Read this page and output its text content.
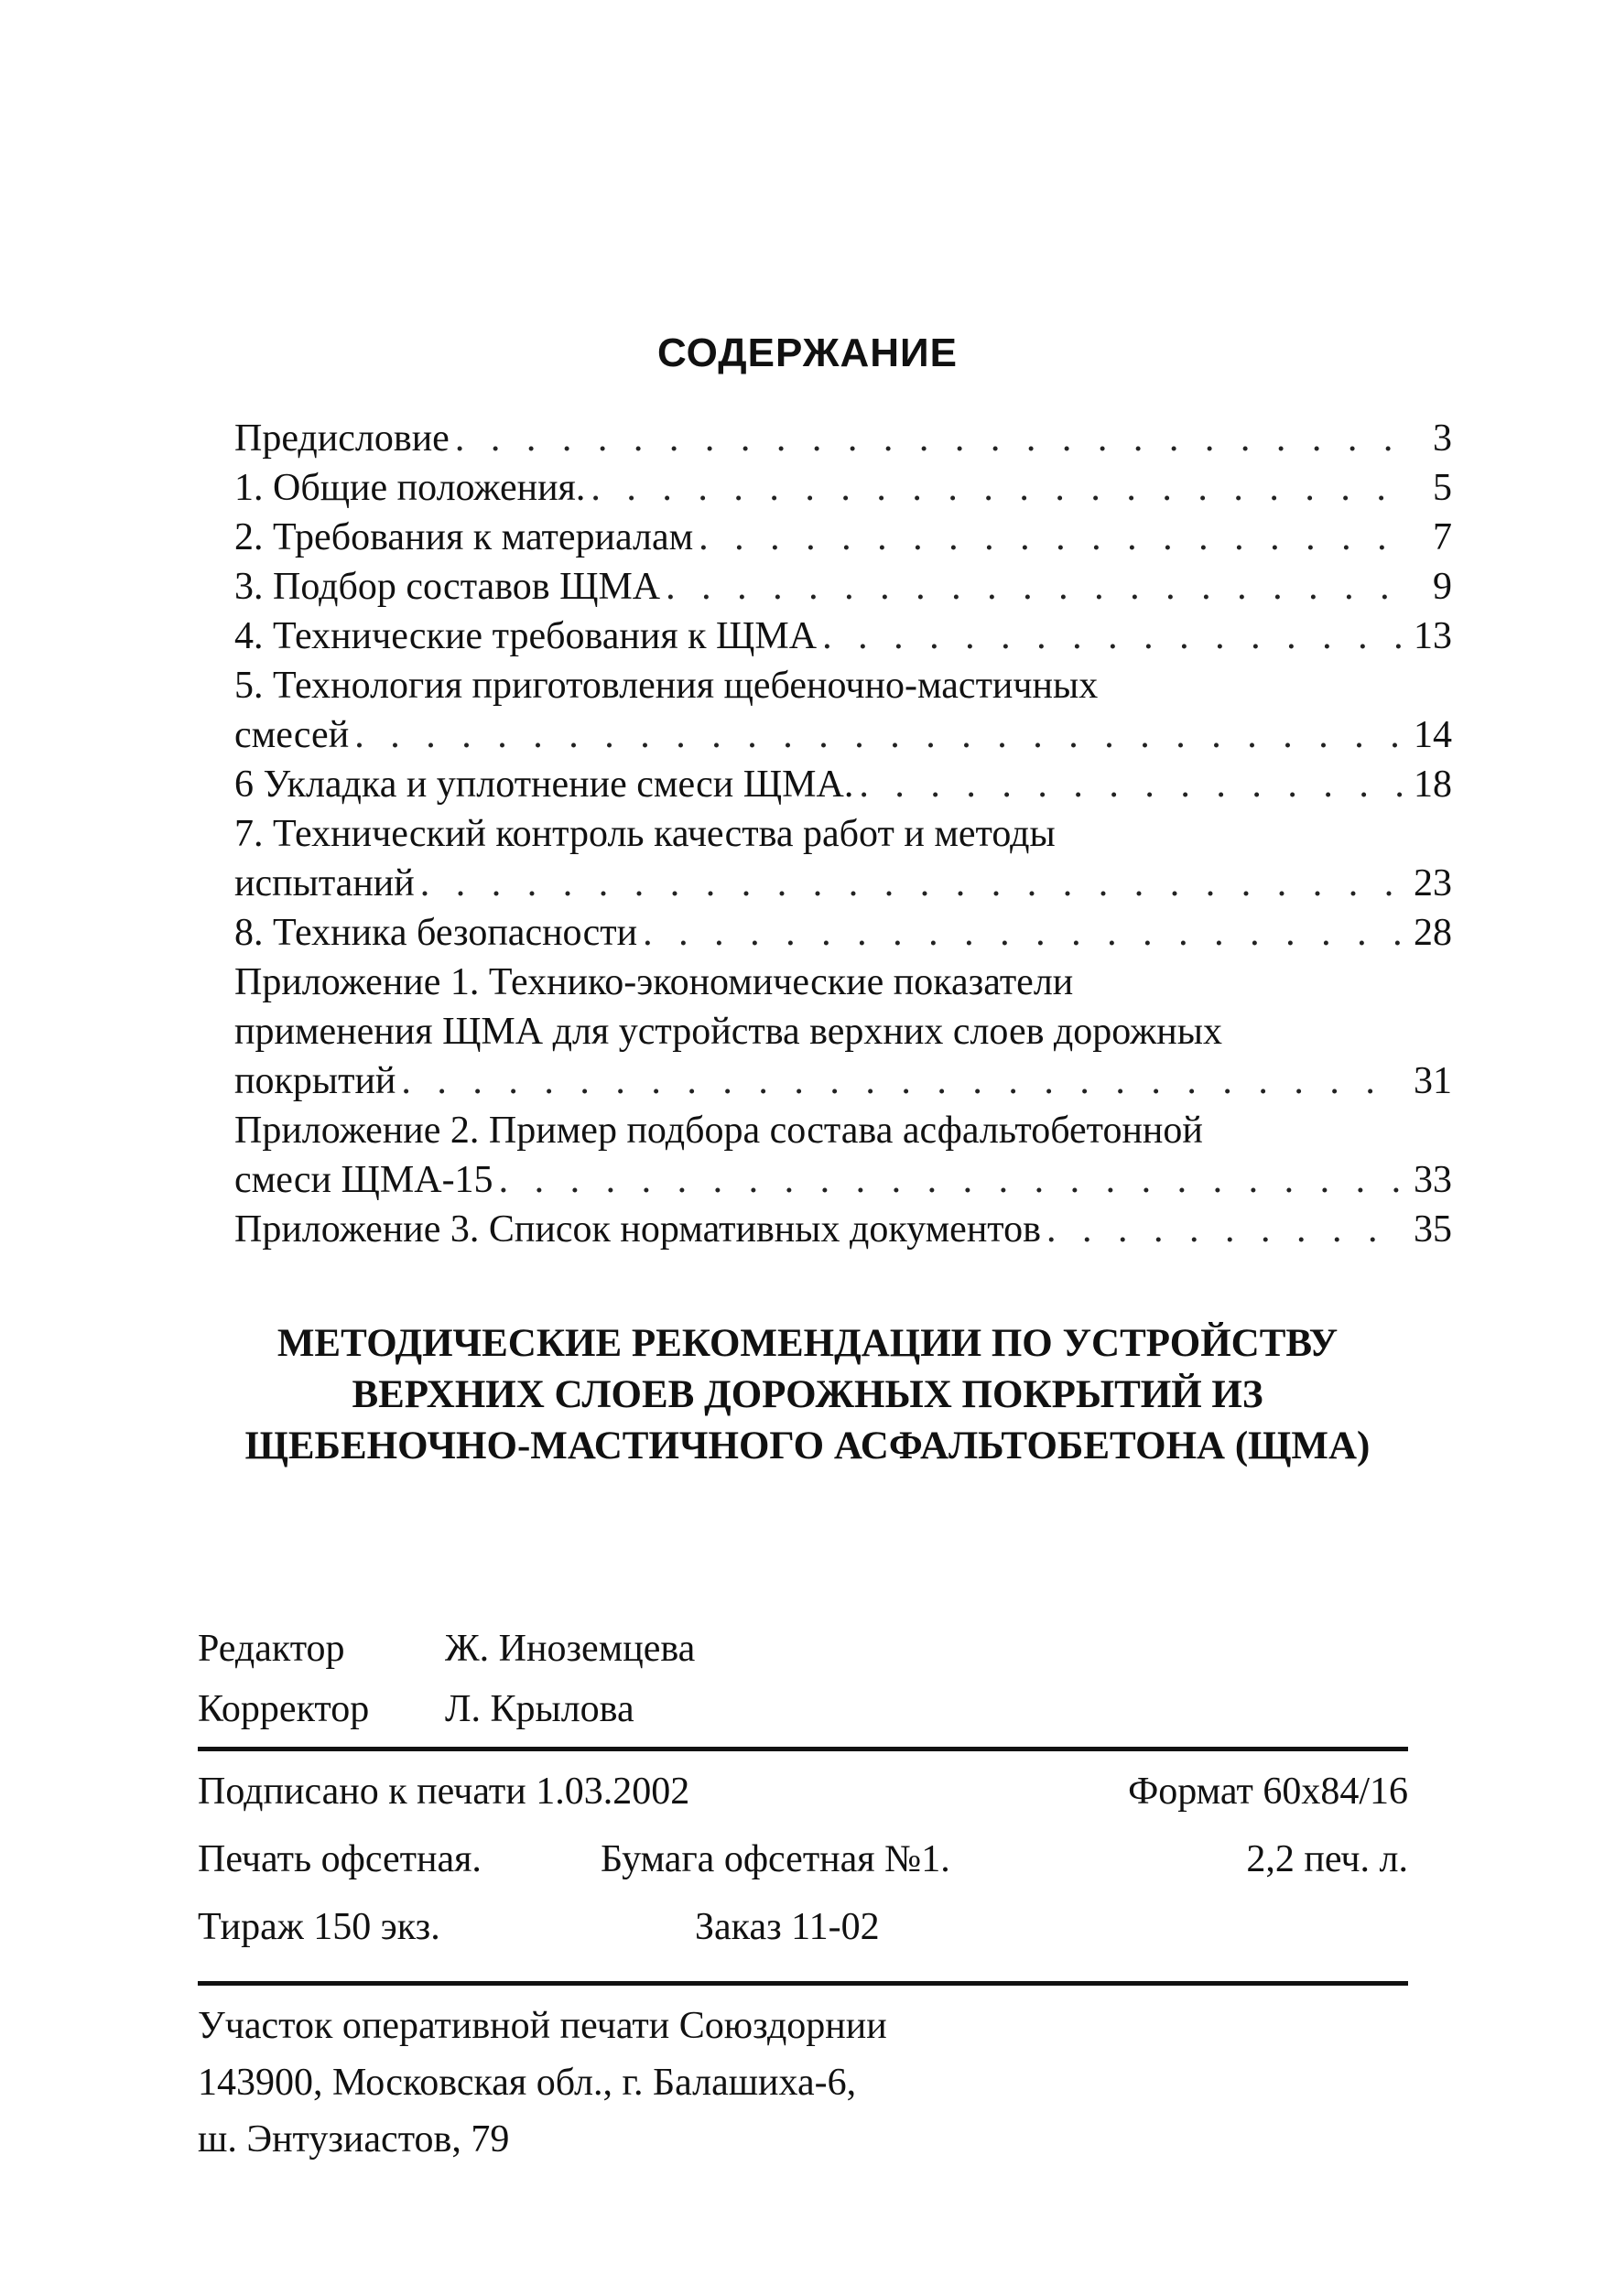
СОДЕРЖАНИЕ
Предисловие . . .	3
1. Общие положения. . . .	5
2. Требования к материалам . . .	7
3. Подбор составов ЩМА . . .	9
4. Технические требования к ЩМА . . .	13
5. Технология приготовления щебеночно-мастичных
смесей . . .	14
6 Укладка и уплотнение смеси ЩМА. . . .	18
7. Технический контроль качества работ и методы
испытаний . . .	23
8. Техника безопасности . . .	28
Приложение 1. Технико-экономические показатели
применения ЩМА для устройства верхних слоев дорожных
покрытий . . .	31
Приложение 2. Пример подбора состава асфальтобетонной
смеси ЩМА-15 . . .	33
Приложение 3. Список нормативных документов . . .	35
МЕТОДИЧЕСКИЕ РЕКОМЕНДАЦИИ ПО УСТРОЙСТВУ
ВЕРХНИХ СЛОЕВ ДОРОЖНЫХ ПОКРЫТИЙ ИЗ
ЩЕБЕНОЧНО-МАСТИЧНОГО АСФАЛЬТОБЕТОНА (ЩМА)
Редактор	Ж. Иноземцева
Корректор	Л. Крылова
Подписано к печати 1.03.2002	Формат 60x84/16
Печать офсетная.	Бумага офсетная №1.	2,2 печ. л.
Тираж 150 экз.	Заказ 11-02
Участок оперативной печати Союздорнии
143900, Московская обл., г. Балашиха-6,
ш. Энтузиастов, 79
